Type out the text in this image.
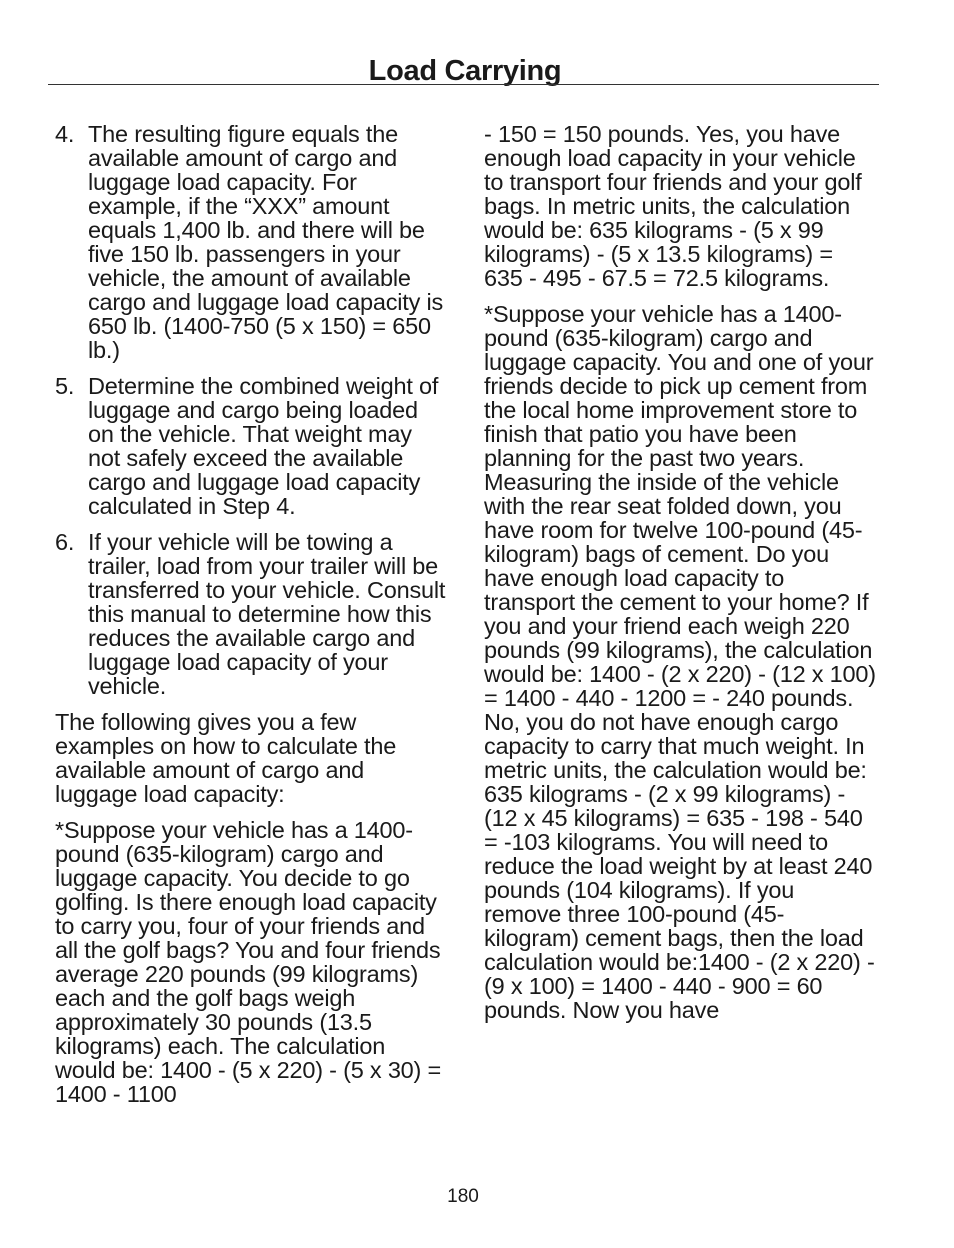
Load Carrying
4. The resulting figure equals the available amount of cargo and luggage load capacity. For example, if the “XXX” amount equals 1,400 lb. and there will be five 150 lb. passengers in your vehicle, the amount of available cargo and luggage load capacity is 650 lb. (1400-750 (5 x 150) = 650 lb.)
5. Determine the combined weight of luggage and cargo being loaded on the vehicle. That weight may not safely exceed the available cargo and luggage load capacity calculated in Step 4.
6. If your vehicle will be towing a trailer, load from your trailer will be transferred to your vehicle. Consult this manual to determine how this reduces the available cargo and luggage load capacity of your vehicle.

The following gives you a few examples on how to calculate the available amount of cargo and luggage load capacity:

*Suppose your vehicle has a 1400-pound (635-kilogram) cargo and luggage capacity. You decide to go golfing. Is there enough load capacity to carry you, four of your friends and all the golf bags? You and four friends average 220 pounds (99 kilograms) each and the golf bags weigh approximately 30 pounds (13.5 kilograms) each. The calculation would be: 1400 - (5 x 220) - (5 x 30) = 1400 - 1100

- 150 = 150 pounds. Yes, you have enough load capacity in your vehicle to transport four friends and your golf bags. In metric units, the calculation would be: 635 kilograms - (5 x 99 kilograms) - (5 x 13.5 kilograms) = 635 - 495 - 67.5 = 72.5 kilograms.

*Suppose your vehicle has a 1400-pound (635-kilogram) cargo and luggage capacity. You and one of your friends decide to pick up cement from the local home improvement store to finish that patio you have been planning for the past two years. Measuring the inside of the vehicle with the rear seat folded down, you have room for twelve 100-pound (45-kilogram) bags of cement. Do you have enough load capacity to transport the cement to your home? If you and your friend each weigh 220 pounds (99 kilograms), the calculation would be: 1400 - (2 x 220) - (12 x 100) = 1400 - 440 - 1200 = - 240 pounds. No, you do not have enough cargo capacity to carry that much weight. In metric units, the calculation would be: 635 kilograms - (2 x 99 kilograms) - (12 x 45 kilograms) = 635 - 198 - 540 = -103 kilograms. You will need to reduce the load weight by at least 240 pounds (104 kilograms). If you remove three 100-pound (45-kilogram) cement bags, then the load calculation would be:1400 - (2 x 220) - (9 x 100) = 1400 - 440 - 900 = 60 pounds. Now you have

180
